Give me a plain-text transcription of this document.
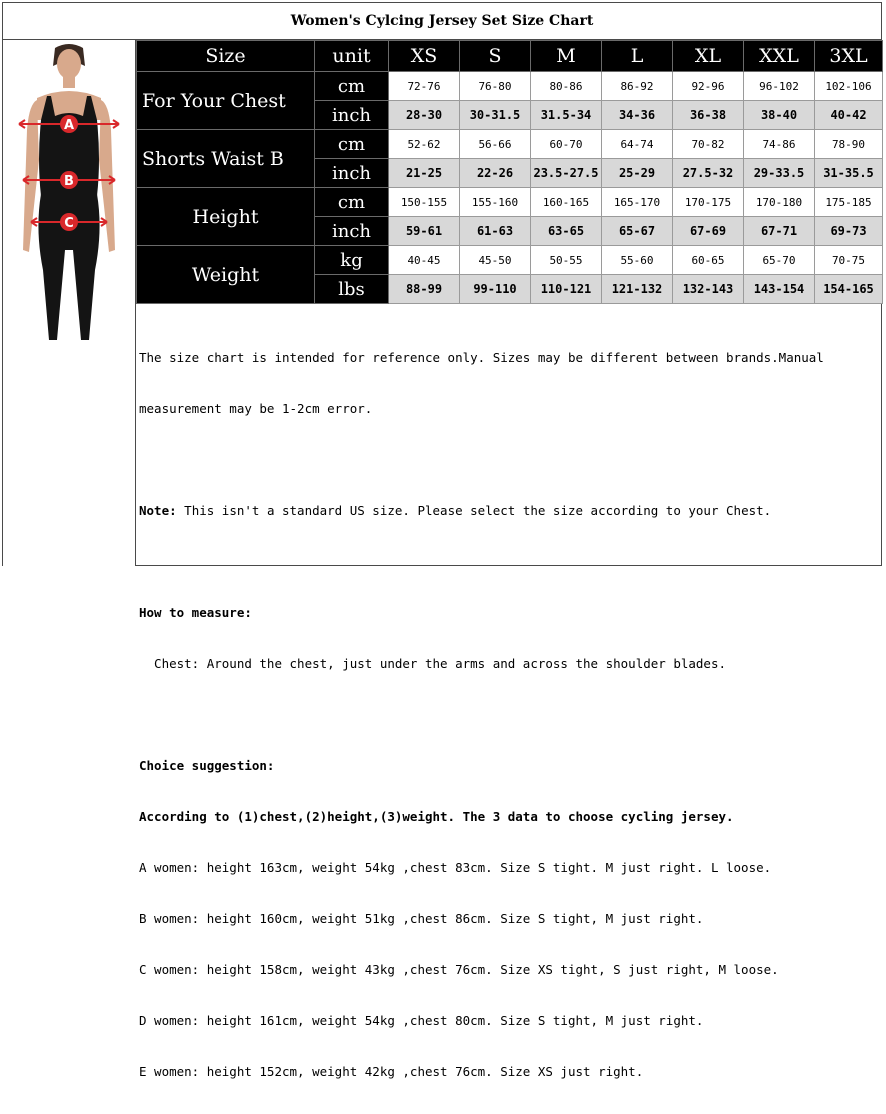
Women's Cylcing Jersey Set Size Chart
A
B
C
Size	unit	XS	S	M	L	XL	XXL	3XL
For Your Chest	cm	72-76	76-80	80-86	86-92	92-96	96-102	102-106
	inch	28-30	30-31.5	31.5-34	34-36	36-38	38-40	40-42
Shorts Waist B	cm	52-62	56-66	60-70	64-74	70-82	74-86	78-90
	inch	21-25	22-26	23.5-27.5	25-29	27.5-32	29-33.5	31-35.5
Height	cm	150-155	155-160	160-165	165-170	170-175	170-180	175-185
	inch	59-61	61-63	63-65	65-67	67-69	67-71	69-73
Weight	kg	40-45	45-50	50-55	55-60	60-65	65-70	70-75
	lbs	88-99	99-110	110-121	121-132	132-143	143-154	154-165

The size chart is intended for reference only. Sizes may be different between brands.Manual

measurement may be 1-2cm error.

Note: This isn't a standard US size. Please select the size according to your Chest.

How to measure:

Chest: Around the chest, just under the arms and across the shoulder blades.

Choice suggestion:

According to (1)chest,(2)height,(3)weight. The 3 data to choose cycling jersey.

A women: height 163cm, weight 54kg ,chest 83cm. Size S tight. M just right. L loose.

B women: height 160cm, weight 51kg ,chest 86cm. Size S tight, M just right.

C women: height 158cm, weight 43kg ,chest 76cm. Size XS tight, S just right, M loose.

D women: height 161cm, weight 54kg ,chest 80cm. Size S tight, M just right.

E women: height 152cm, weight 42kg ,chest 76cm. Size XS just right.
